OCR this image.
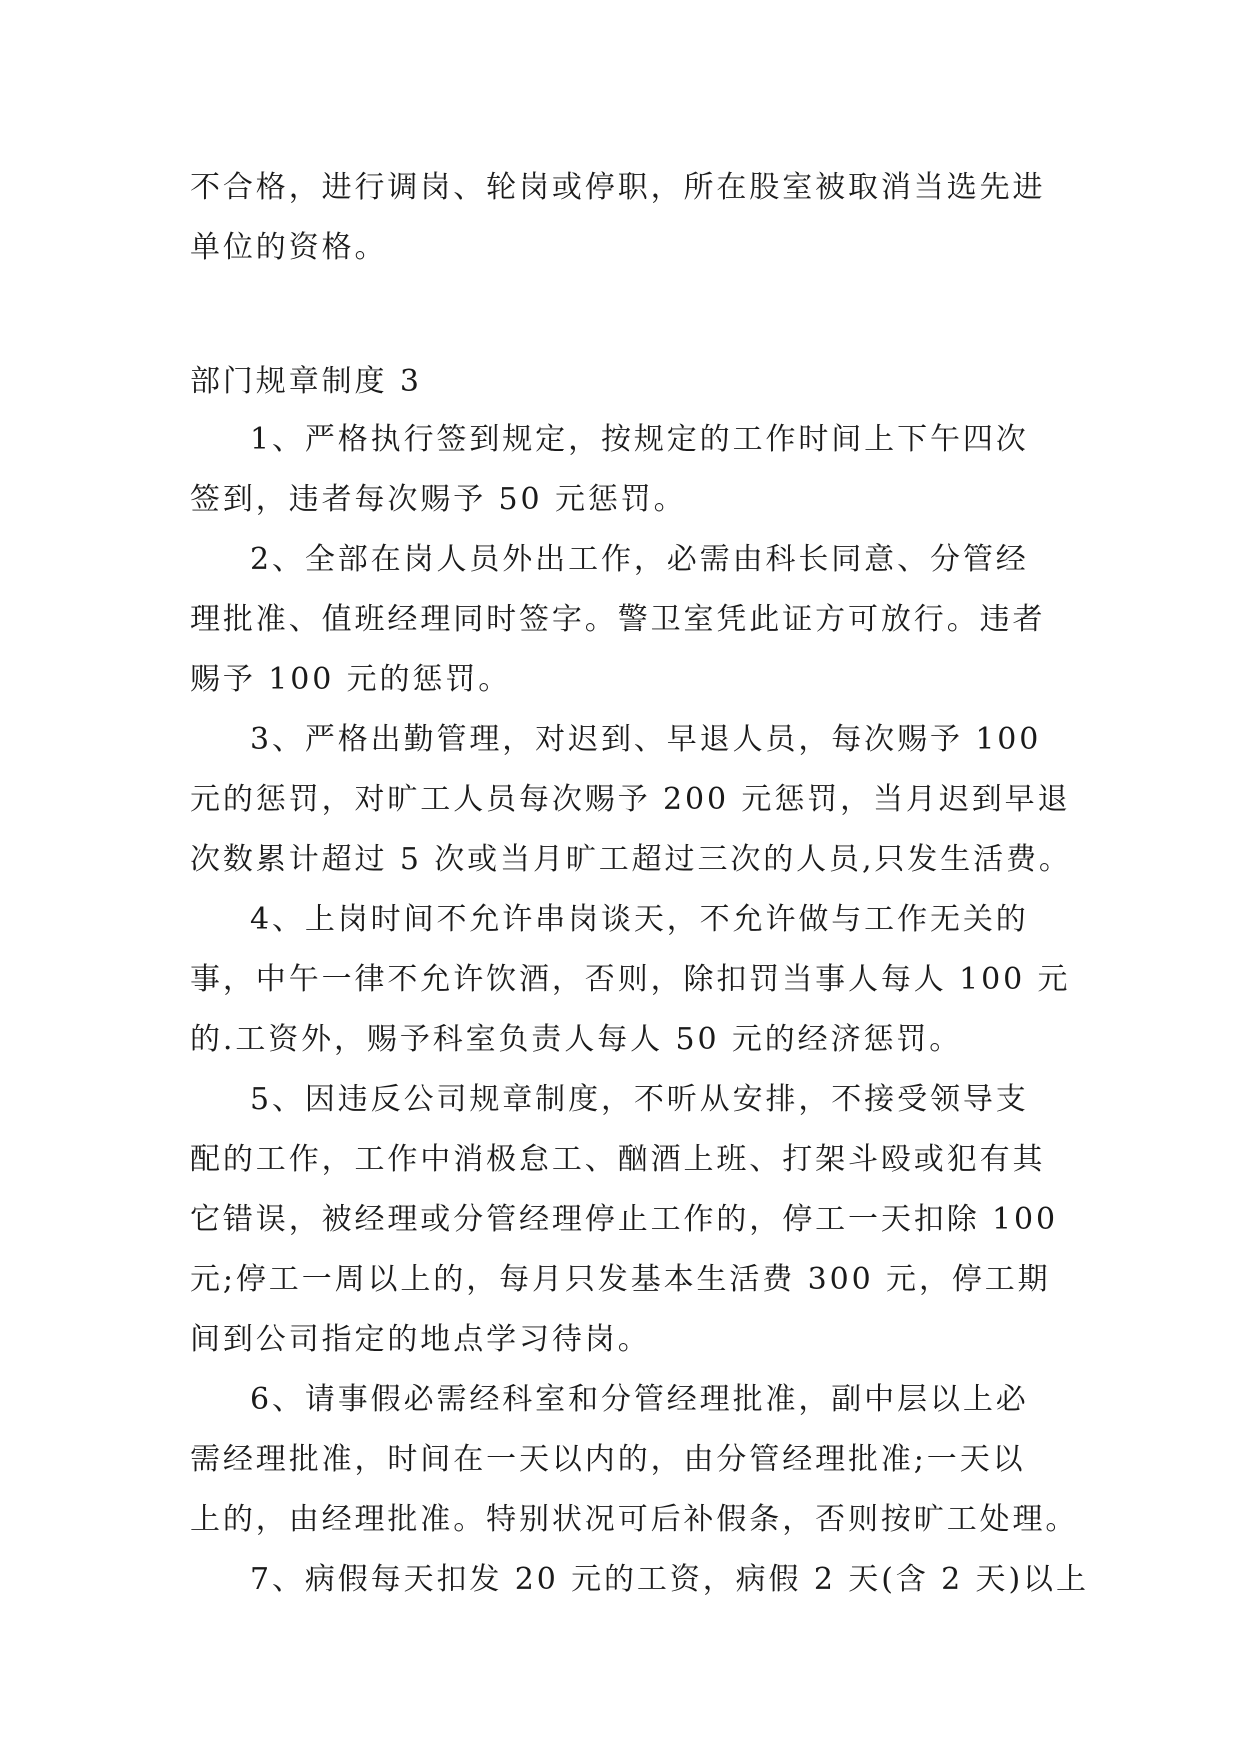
不合格，进行调岗、轮岗或停职，所在股室被取消当选先进
单位的资格。
部门规章制度 3
1、严格执行签到规定，按规定的工作时间上下午四次
签到，违者每次赐予 50 元惩罚。
2、全部在岗人员外出工作，必需由科长同意、分管经
理批准、值班经理同时签字。警卫室凭此证方可放行。违者
赐予 100 元的惩罚。
3、严格出勤管理，对迟到、早退人员，每次赐予 100
元的惩罚，对旷工人员每次赐予 200 元惩罚，当月迟到早退
次数累计超过 5 次或当月旷工超过三次的人员,只发生活费。
4、上岗时间不允许串岗谈天，不允许做与工作无关的
事，中午一律不允许饮酒，否则，除扣罚当事人每人 100 元
的.工资外，赐予科室负责人每人 50 元的经济惩罚。
5、因违反公司规章制度，不听从安排，不接受领导支
配的工作，工作中消极怠工、酗酒上班、打架斗殴或犯有其
它错误，被经理或分管经理停止工作的，停工一天扣除 100
元;停工一周以上的，每月只发基本生活费 300 元，停工期
间到公司指定的地点学习待岗。
6、请事假必需经科室和分管经理批准，副中层以上必
需经理批准，时间在一天以内的，由分管经理批准;一天以
上的，由经理批准。特别状况可后补假条，否则按旷工处理。
7、病假每天扣发 20 元的工资，病假 2 天(含 2 天)以上
